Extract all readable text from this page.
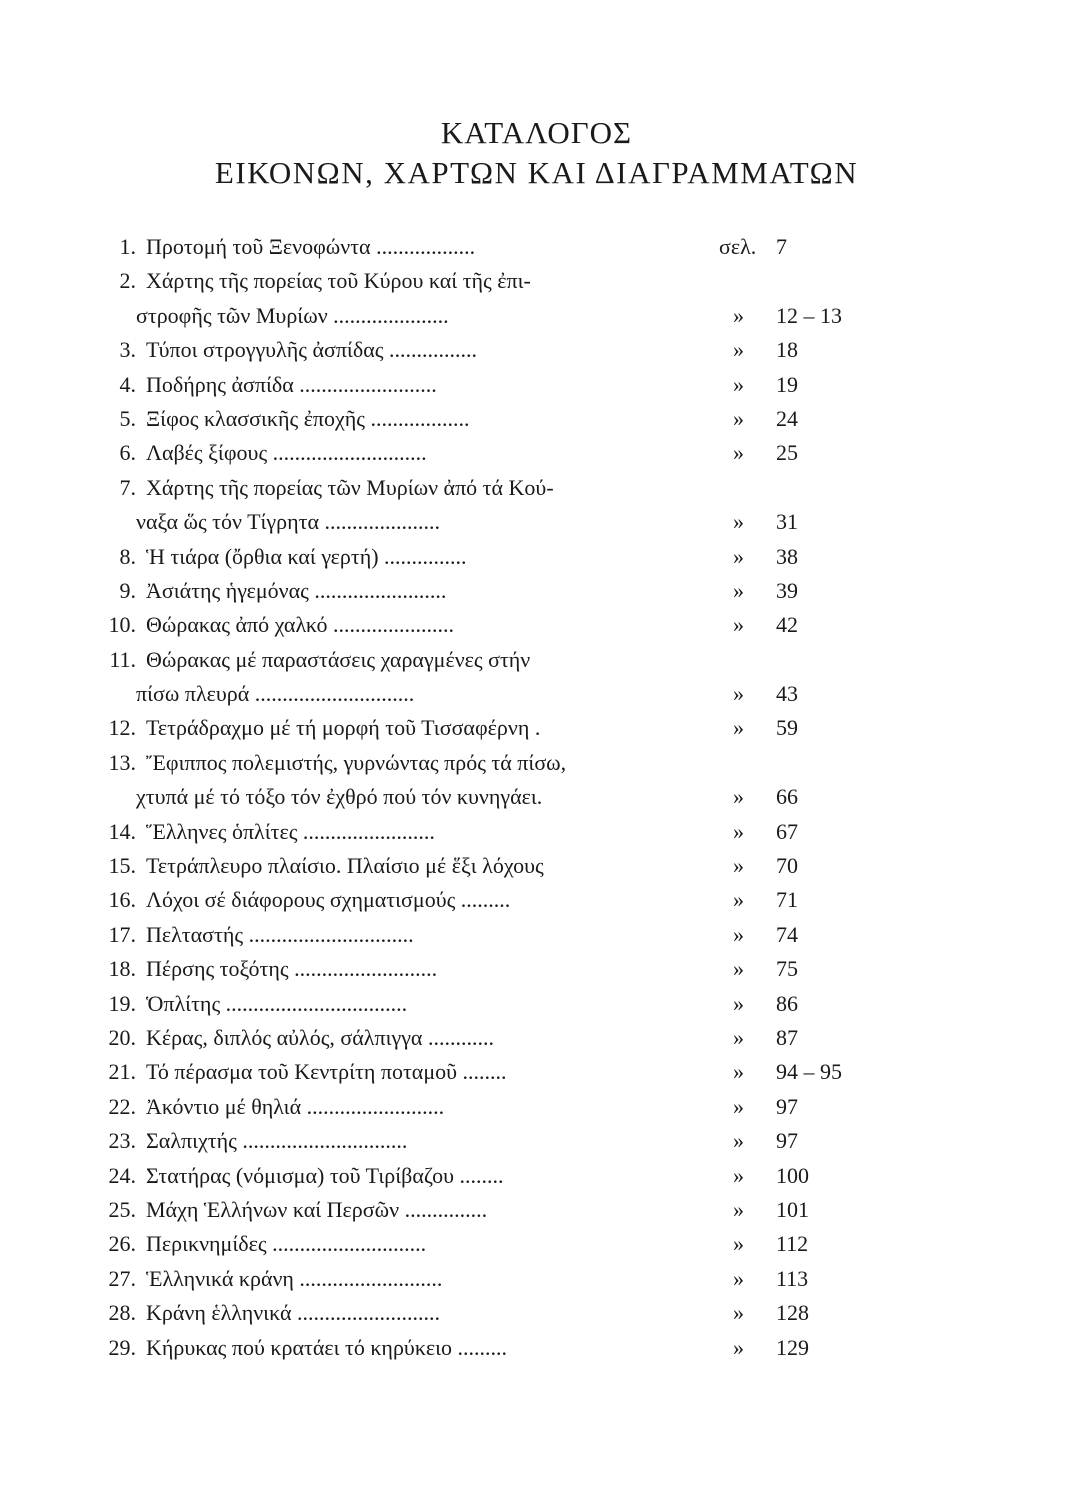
ΚΑΤΑΛΟΓΟΣ
ΕΙΚΟΝΩΝ, ΧΑΡΤΩΝ ΚΑΙ ΔΙΑΓΡΑΜΜΑΤΩΝ
1. Προτομή τοῦ Ξενοφώντα ..................	σελ. 7
2. Χάρτης τῆς πορείας τοῦ Κύρου καί τῆς ἐπι-
στροφῆς τῶν Μυρίων .....................	» 12 – 13
3. Τύποι στρογγυλῆς ἀσπίδας ................	» 18
4. Ποδήρης ἀσπίδα .........................	» 19
5. Ξίφος κλασσικῆς ἐποχῆς ..................	» 24
6. Λαβές ξίφους ............................	» 25
7. Χάρτης τῆς πορείας τῶν Μυρίων ἀπό τά Κού-
ναξα ὥς τόν Τίγρητα .....................	» 31
8. Ἡ τιάρα (ὄρθια καί γερτή) ...............	» 38
9. Ἀσιάτης ἡγεμόνας ........................	» 39
10. Θώρακας ἀπό χαλκό ......................	» 42
11. Θώρακας μέ παραστάσεις χαραγμένες στήν
πίσω πλευρά .............................	» 43
12. Τετράδραχμο μέ τή μορφή τοῦ Τισσαφέρνη .	» 59
13. Ἔφιππος πολεμιστής, γυρνώντας πρός τά πίσω,
χτυπά μέ τό τόξο τόν ἐχθρό πού τόν κυνηγάει.	» 66
14. Ἕλληνες ὁπλίτες ........................	» 67
15. Τετράπλευρο πλαίσιο. Πλαίσιο μέ ἕξι λόχους	» 70
16. Λόχοι σέ διάφορους σχηματισμούς .........	» 71
17. Πελταστής ..............................	» 74
18. Πέρσης τοξότης ..........................	» 75
19. Ὁπλίτης .................................	» 86
20. Κέρας, διπλός αὐλός, σάλπιγγα ............	» 87
21. Τό πέρασμα τοῦ Κεντρίτη ποταμοῦ ........	» 94 – 95
22. Ἀκόντιο μέ θηλιά .........................	» 97
23. Σαλπιχτής ..............................	» 97
24. Στατήρας (νόμισμα) τοῦ Τιρίβαζου ........	» 100
25. Μάχη Ἑλλήνων καί Περσῶν ...............	» 101
26. Περικνημίδες ............................	» 112
27. Ἑλληνικά κράνη ..........................	» 113
28. Κράνη ἑλληνικά ..........................	» 128
29. Κήρυκας πού κρατάει τό κηρύκειο .........	» 129
